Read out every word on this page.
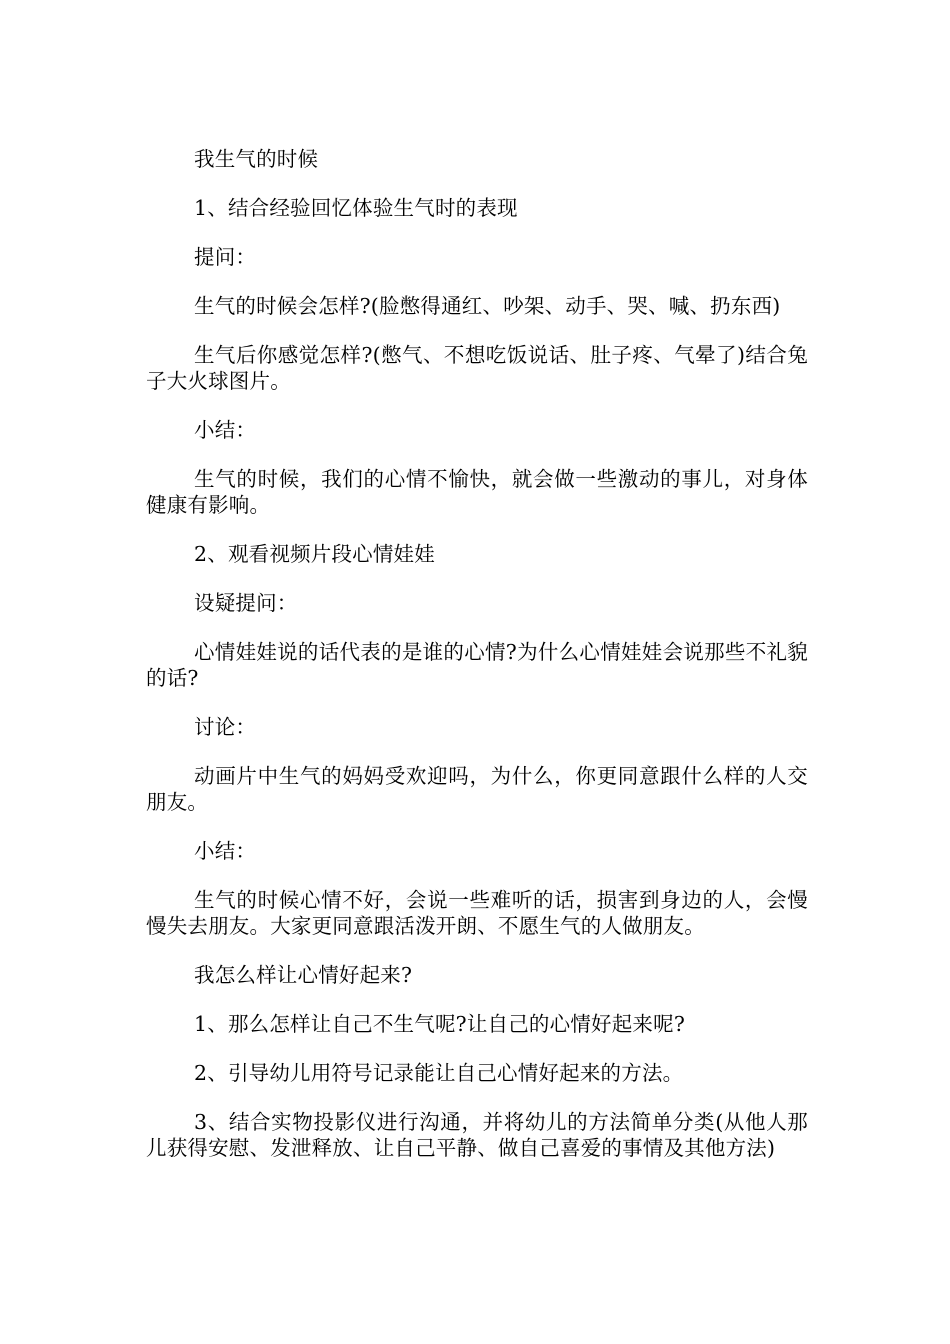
我生气的时候

1、结合经验回忆体验生气时的表现

提问：

生气的时候会怎样?(脸憋得通红、吵架、动手、哭、喊、扔东西)

生气后你感觉怎样?(憋气、不想吃饭说话、肚子疼、气晕了)结合兔子大火球图片。

小结：

生气的时候，我们的心情不愉快，就会做一些激动的事儿，对身体健康有影响。

2、观看视频片段心情娃娃

设疑提问：

心情娃娃说的话代表的是谁的心情?为什么心情娃娃会说那些不礼貌的话?

讨论：

动画片中生气的妈妈受欢迎吗，为什么，你更同意跟什么样的人交朋友。

小结：

生气的时候心情不好，会说一些难听的话，损害到身边的人，会慢慢失去朋友。大家更同意跟活泼开朗、不愿生气的人做朋友。

我怎么样让心情好起来?

1、那么怎样让自己不生气呢?让自己的心情好起来呢?

2、引导幼儿用符号记录能让自己心情好起来的方法。

3、结合实物投影仪进行沟通，并将幼儿的方法简单分类(从他人那儿获得安慰、发泄释放、让自己平静、做自己喜爱的事情及其他方法)
